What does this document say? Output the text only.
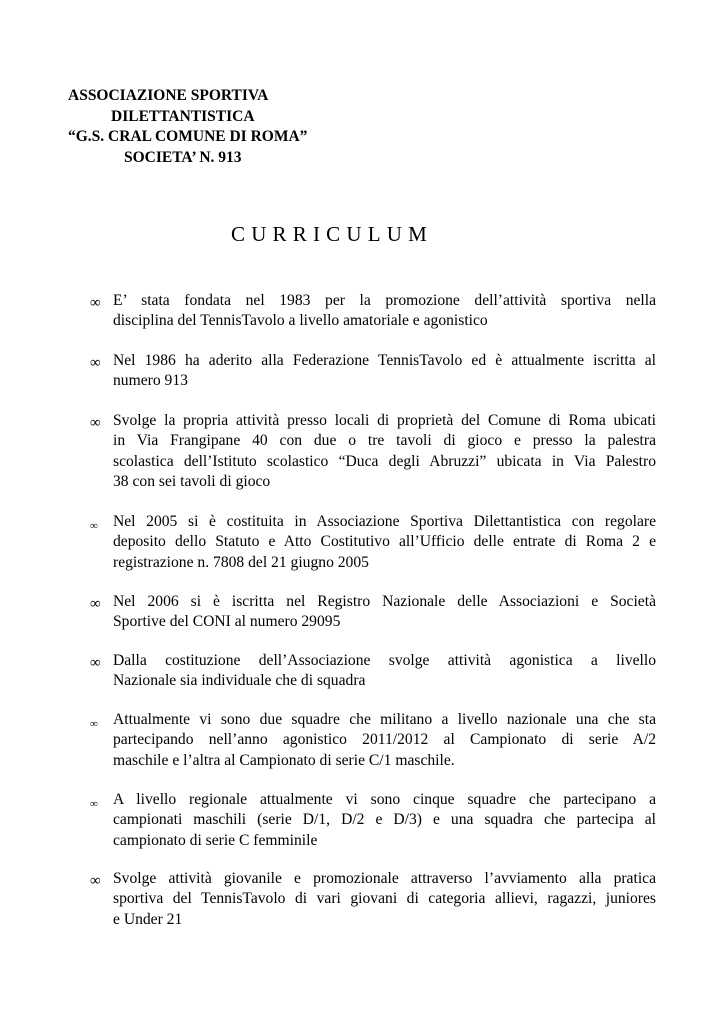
ASSOCIAZIONE SPORTIVA
DILETTANTISTICA
“G.S. CRAL COMUNE DI ROMA”
SOCIETA’ N. 913
CURRICULUM
∞ E’ stata fondata nel 1983 per la promozione dell’attività sportiva nella
disciplina del TennisTavolo a livello amatoriale e agonistico
∞ Nel 1986 ha aderito alla Federazione TennisTavolo ed è attualmente iscritta al
numero 913
∞ Svolge la propria attività presso locali di proprietà del Comune di Roma ubicati
in Via Frangipane 40 con due o tre tavoli di gioco e presso la palestra
scolastica dell’Istituto scolastico “Duca degli Abruzzi” ubicata in Via Palestro
38 con sei tavoli di gioco
∞ Nel 2005 si è costituita in Associazione Sportiva Dilettantistica con regolare
deposito dello Statuto e Atto Costitutivo all’Ufficio delle entrate di Roma 2 e
registrazione n. 7808 del 21 giugno 2005
∞ Nel 2006 si è iscritta nel Registro Nazionale delle Associazioni e Società
Sportive del CONI al numero 29095
∞ Dalla costituzione dell’Associazione svolge attività agonistica a livello
Nazionale sia individuale che di squadra
∞ Attualmente vi sono due squadre che militano a livello nazionale una che sta
partecipando nell’anno agonistico 2011/2012 al Campionato di serie A/2
maschile e l’altra al Campionato di serie C/1 maschile.
∞ A livello regionale attualmente vi sono cinque squadre che partecipano a
campionati maschili (serie D/1, D/2 e D/3) e una squadra che partecipa al
campionato di serie C femminile
∞ Svolge attività giovanile e promozionale attraverso l’avviamento alla pratica
sportiva del TennisTavolo di vari giovani di categoria allievi, ragazzi, juniores
e Under 21
